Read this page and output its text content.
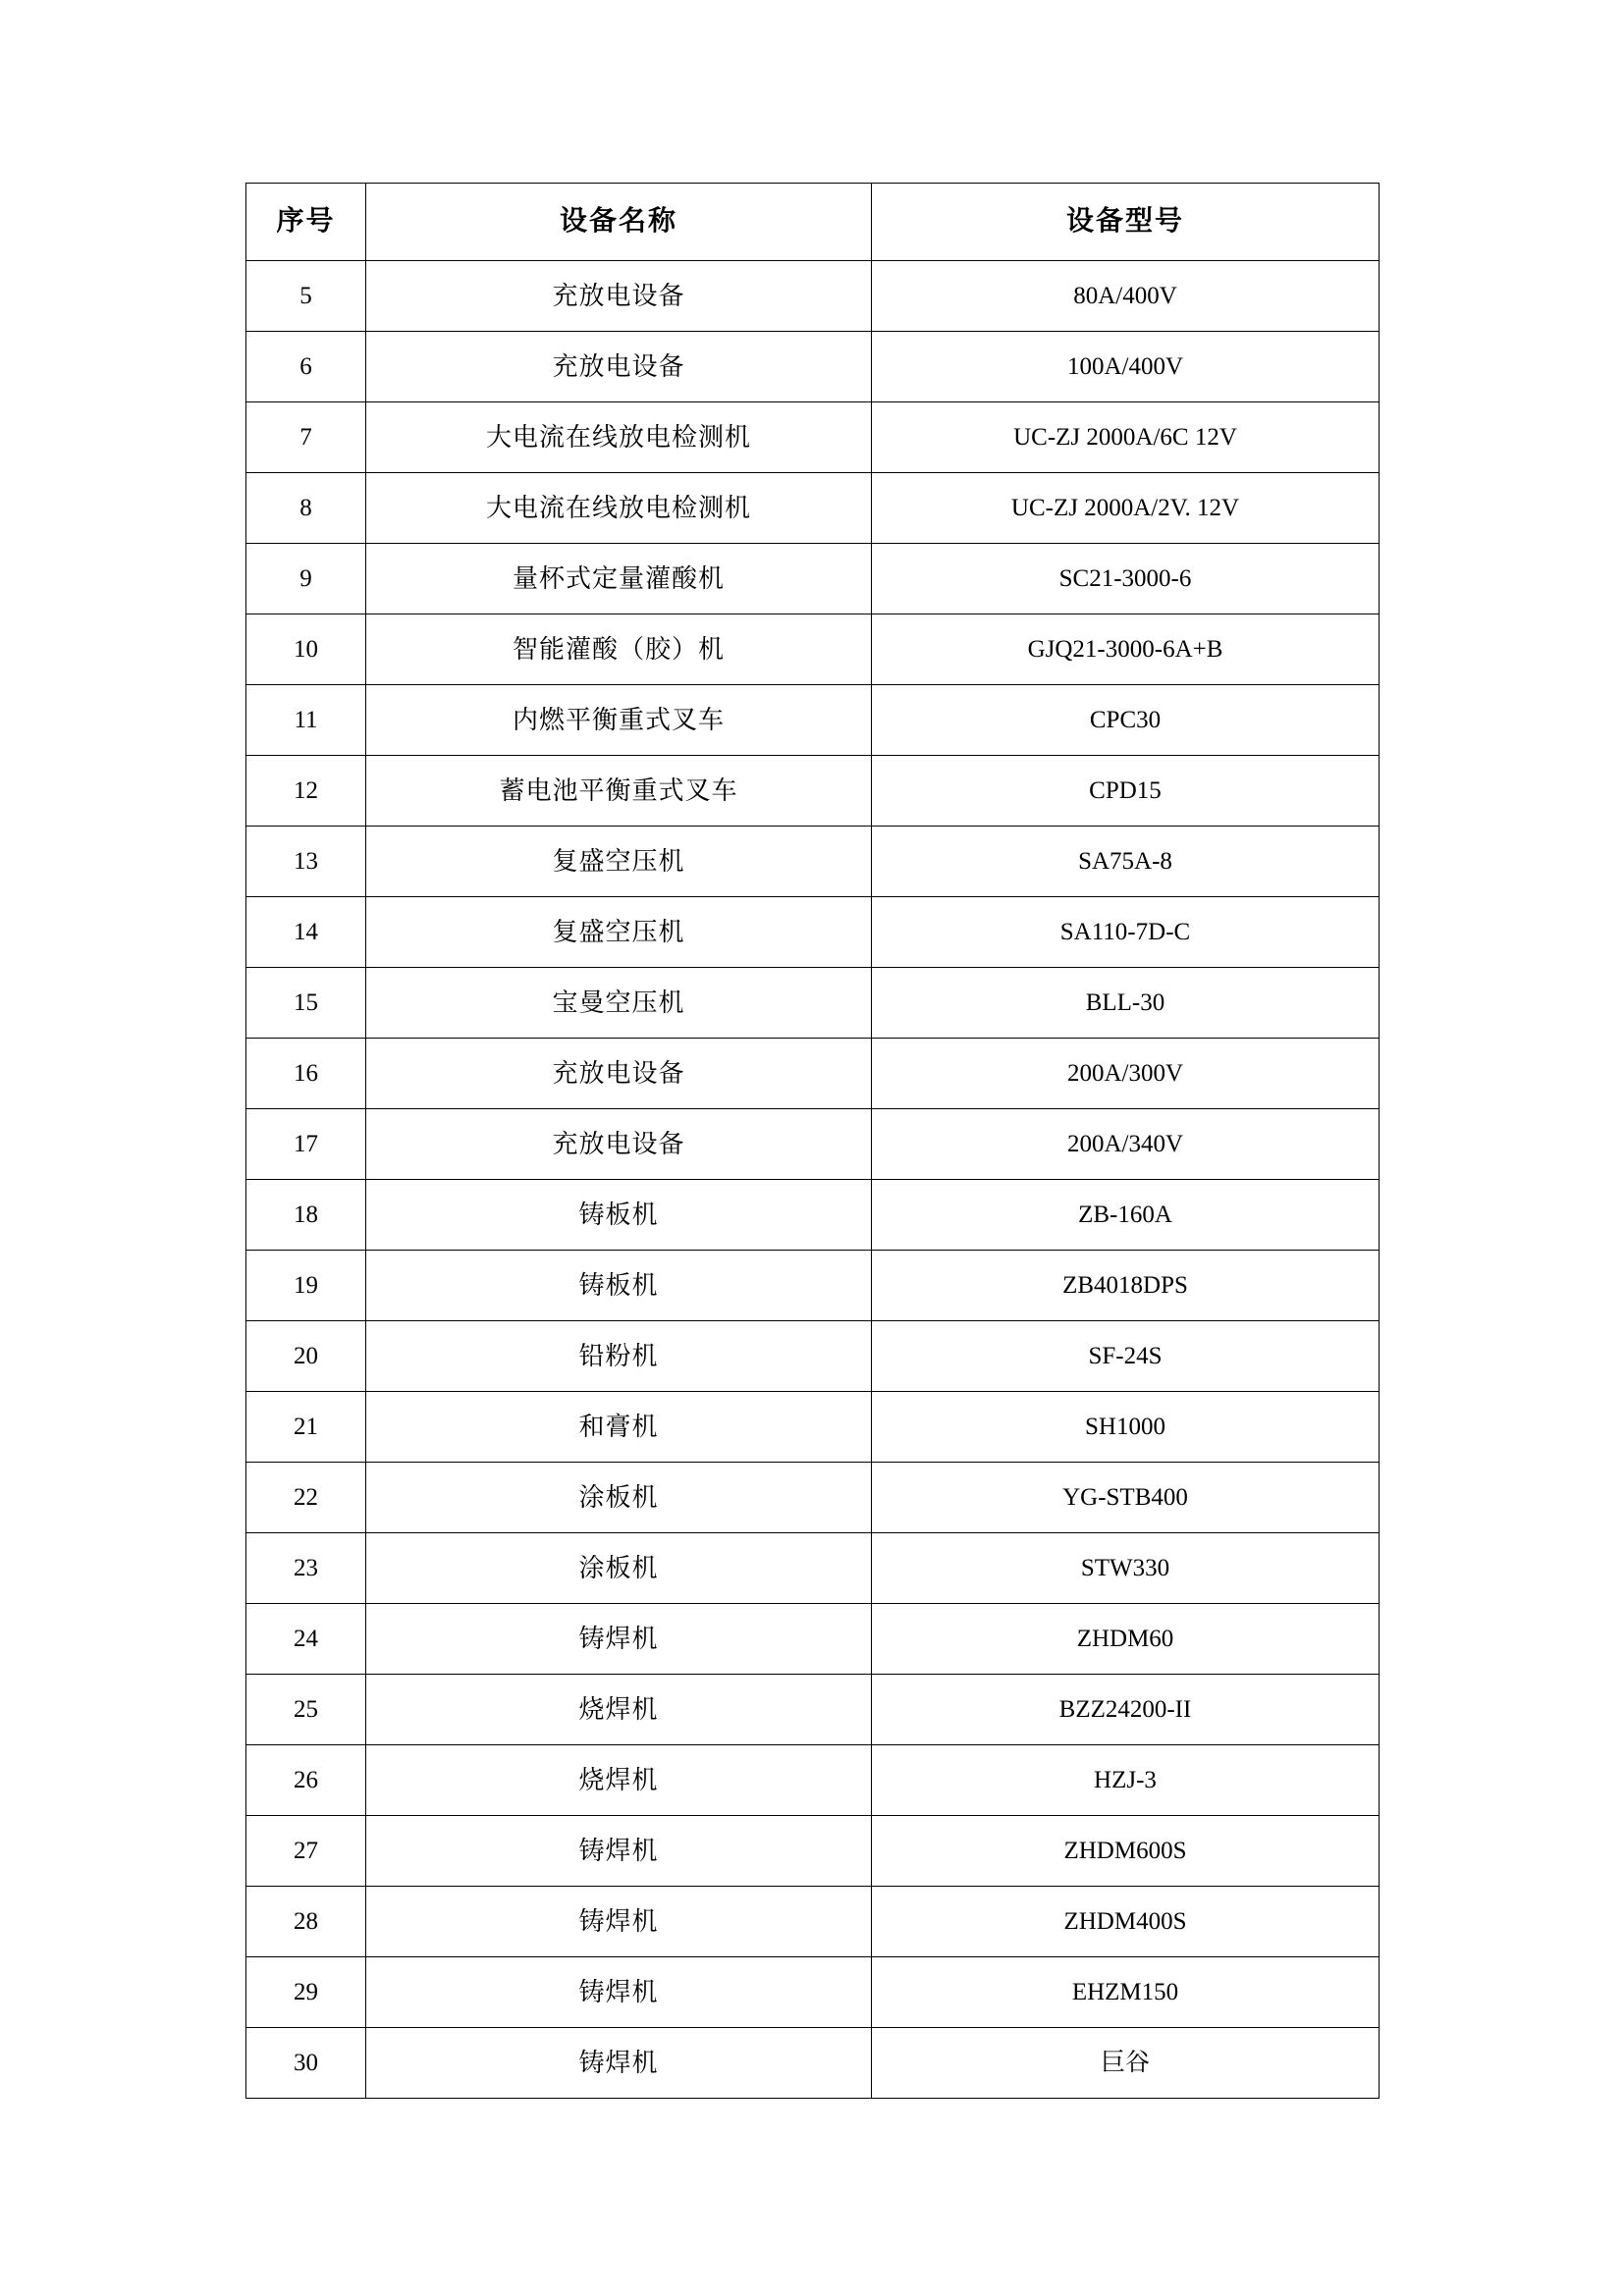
序号	设备名称	设备型号
5	充放电设备	80A/400V
6	充放电设备	100A/400V
7	大电流在线放电检测机	UC-ZJ 2000A/6C 12V
8	大电流在线放电检测机	UC-ZJ 2000A/2V. 12V
9	量杯式定量灌酸机	SC21-3000-6
10	智能灌酸（胶）机	GJQ21-3000-6A+B
11	内燃平衡重式叉车	CPC30
12	蓄电池平衡重式叉车	CPD15
13	复盛空压机	SA75A-8
14	复盛空压机	SA110-7D-C
15	宝曼空压机	BLL-30
16	充放电设备	200A/300V
17	充放电设备	200A/340V
18	铸板机	ZB-160A
19	铸板机	ZB4018DPS
20	铅粉机	SF-24S
21	和膏机	SH1000
22	涂板机	YG-STB400
23	涂板机	STW330
24	铸焊机	ZHDM60
25	烧焊机	BZZ24200-II
26	烧焊机	HZJ-3
27	铸焊机	ZHDM600S
28	铸焊机	ZHDM400S
29	铸焊机	EHZM150
30	铸焊机	巨谷
